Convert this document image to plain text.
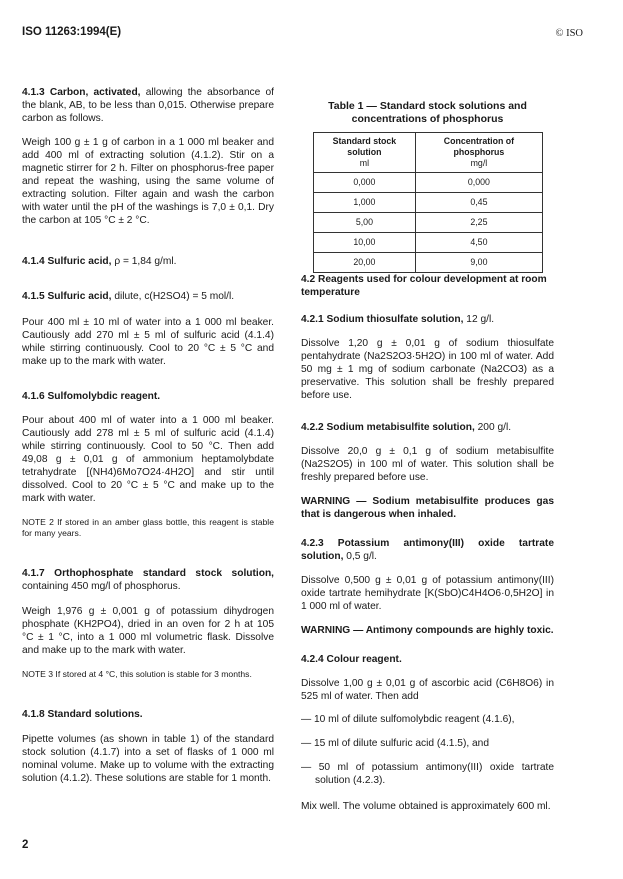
ISO 11263:1994(E)	© ISO

4.1.3 Carbon, activated, allowing the absorbance of the blank, AB, to be less than 0,015. Otherwise prepare carbon as follows.

Weigh 100 g ± 1 g of carbon in a 1 000 ml beaker and add 400 ml of extracting solution (4.1.2). Stir on a magnetic stirrer for 2 h. Filter on phosphorus-free paper and repeat the washing, using the same volume of extracting solution. Filter again and wash the carbon with water until the pH of the washings is 7,0 ± 0,1. Dry the carbon at 105 °C ± 2 °C.

4.1.4 Sulfuric acid, ρ = 1,84 g/ml.

4.1.5 Sulfuric acid, dilute, c(H2SO4) = 5 mol/l.

Pour 400 ml ± 10 ml of water into a 1 000 ml beaker. Cautiously add 270 ml ± 5 ml of sulfuric acid (4.1.4) while stirring continuously. Cool to 20 °C ± 5 °C and make up to the mark with water.

4.1.6 Sulfomolybdic reagent.

Pour about 400 ml of water into a 1 000 ml beaker. Cautiously add 278 ml ± 5 ml of sulfuric acid (4.1.4) while stirring continuously. Cool to 50 °C. Then add 49,08 g ± 0,01 g of ammonium heptamolybdate tetrahydrate [(NH4)6Mo7O24·4H2O] and stir until dissolved. Cool to 20 °C ± 5 °C and make up to the mark with water.

NOTE 2 If stored in an amber glass bottle, this reagent is stable for many years.

4.1.7 Orthophosphate standard stock solution, containing 450 mg/l of phosphorus.

Weigh 1,976 g ± 0,001 g of potassium dihydrogen phosphate (KH2PO4), dried in an oven for 2 h at 105 °C ± 1 °C, into a 1 000 ml volumetric flask. Dissolve and make up to the mark with water.

NOTE 3 If stored at 4 °C, this solution is stable for 3 months.

4.1.8 Standard solutions.

Pipette volumes (as shown in table 1) of the standard stock solution (4.1.7) into a set of flasks of 1 000 ml nominal volume. Make up to volume with the extracting solution (4.1.2). These solutions are stable for 1 month.

Table 1 — Standard stock solutions and
concentrations of phosphorus
Standard stock solution
ml	Concentration of phosphorus
mg/l

0,000	0,000
1,000	0,45
5,00	2,25
10,00	4,50
20,00	9,00

4.2 Reagents used for colour development at room temperature

4.2.1 Sodium thiosulfate solution, 12 g/l.

Dissolve 1,20 g ± 0,01 g of sodium thiosulfate pentahydrate (Na2S2O3·5H2O) in 100 ml of water. Add 50 mg ± 1 mg of sodium carbonate (Na2CO3) as a preservative. This solution shall be freshly prepared before use.

4.2.2 Sodium metabisulfite solution, 200 g/l.

Dissolve 20,0 g ± 0,1 g of sodium metabisulfite (Na2S2O5) in 100 ml of water. This solution shall be freshly prepared before use.

WARNING — Sodium metabisulfite produces gas that is dangerous when inhaled.

4.2.3 Potassium antimony(III) oxide tartrate solution, 0,5 g/l.

Dissolve 0,500 g ± 0,01 g of potassium antimony(III) oxide tartrate hemihydrate [K(SbO)C4H4O6·0,5H2O] in 1 000 ml of water.

WARNING — Antimony compounds are highly toxic.

4.2.4 Colour reagent.

Dissolve 1,00 g ± 0,01 g of ascorbic acid (C6H8O6) in 525 ml of water. Then add

— 10 ml of dilute sulfomolybdic reagent (4.1.6),

— 15 ml of dilute sulfuric acid (4.1.5), and

— 50 ml of potassium antimony(III) oxide tartrate solution (4.2.3).

Mix well. The volume obtained is approximately 600 ml.

2
